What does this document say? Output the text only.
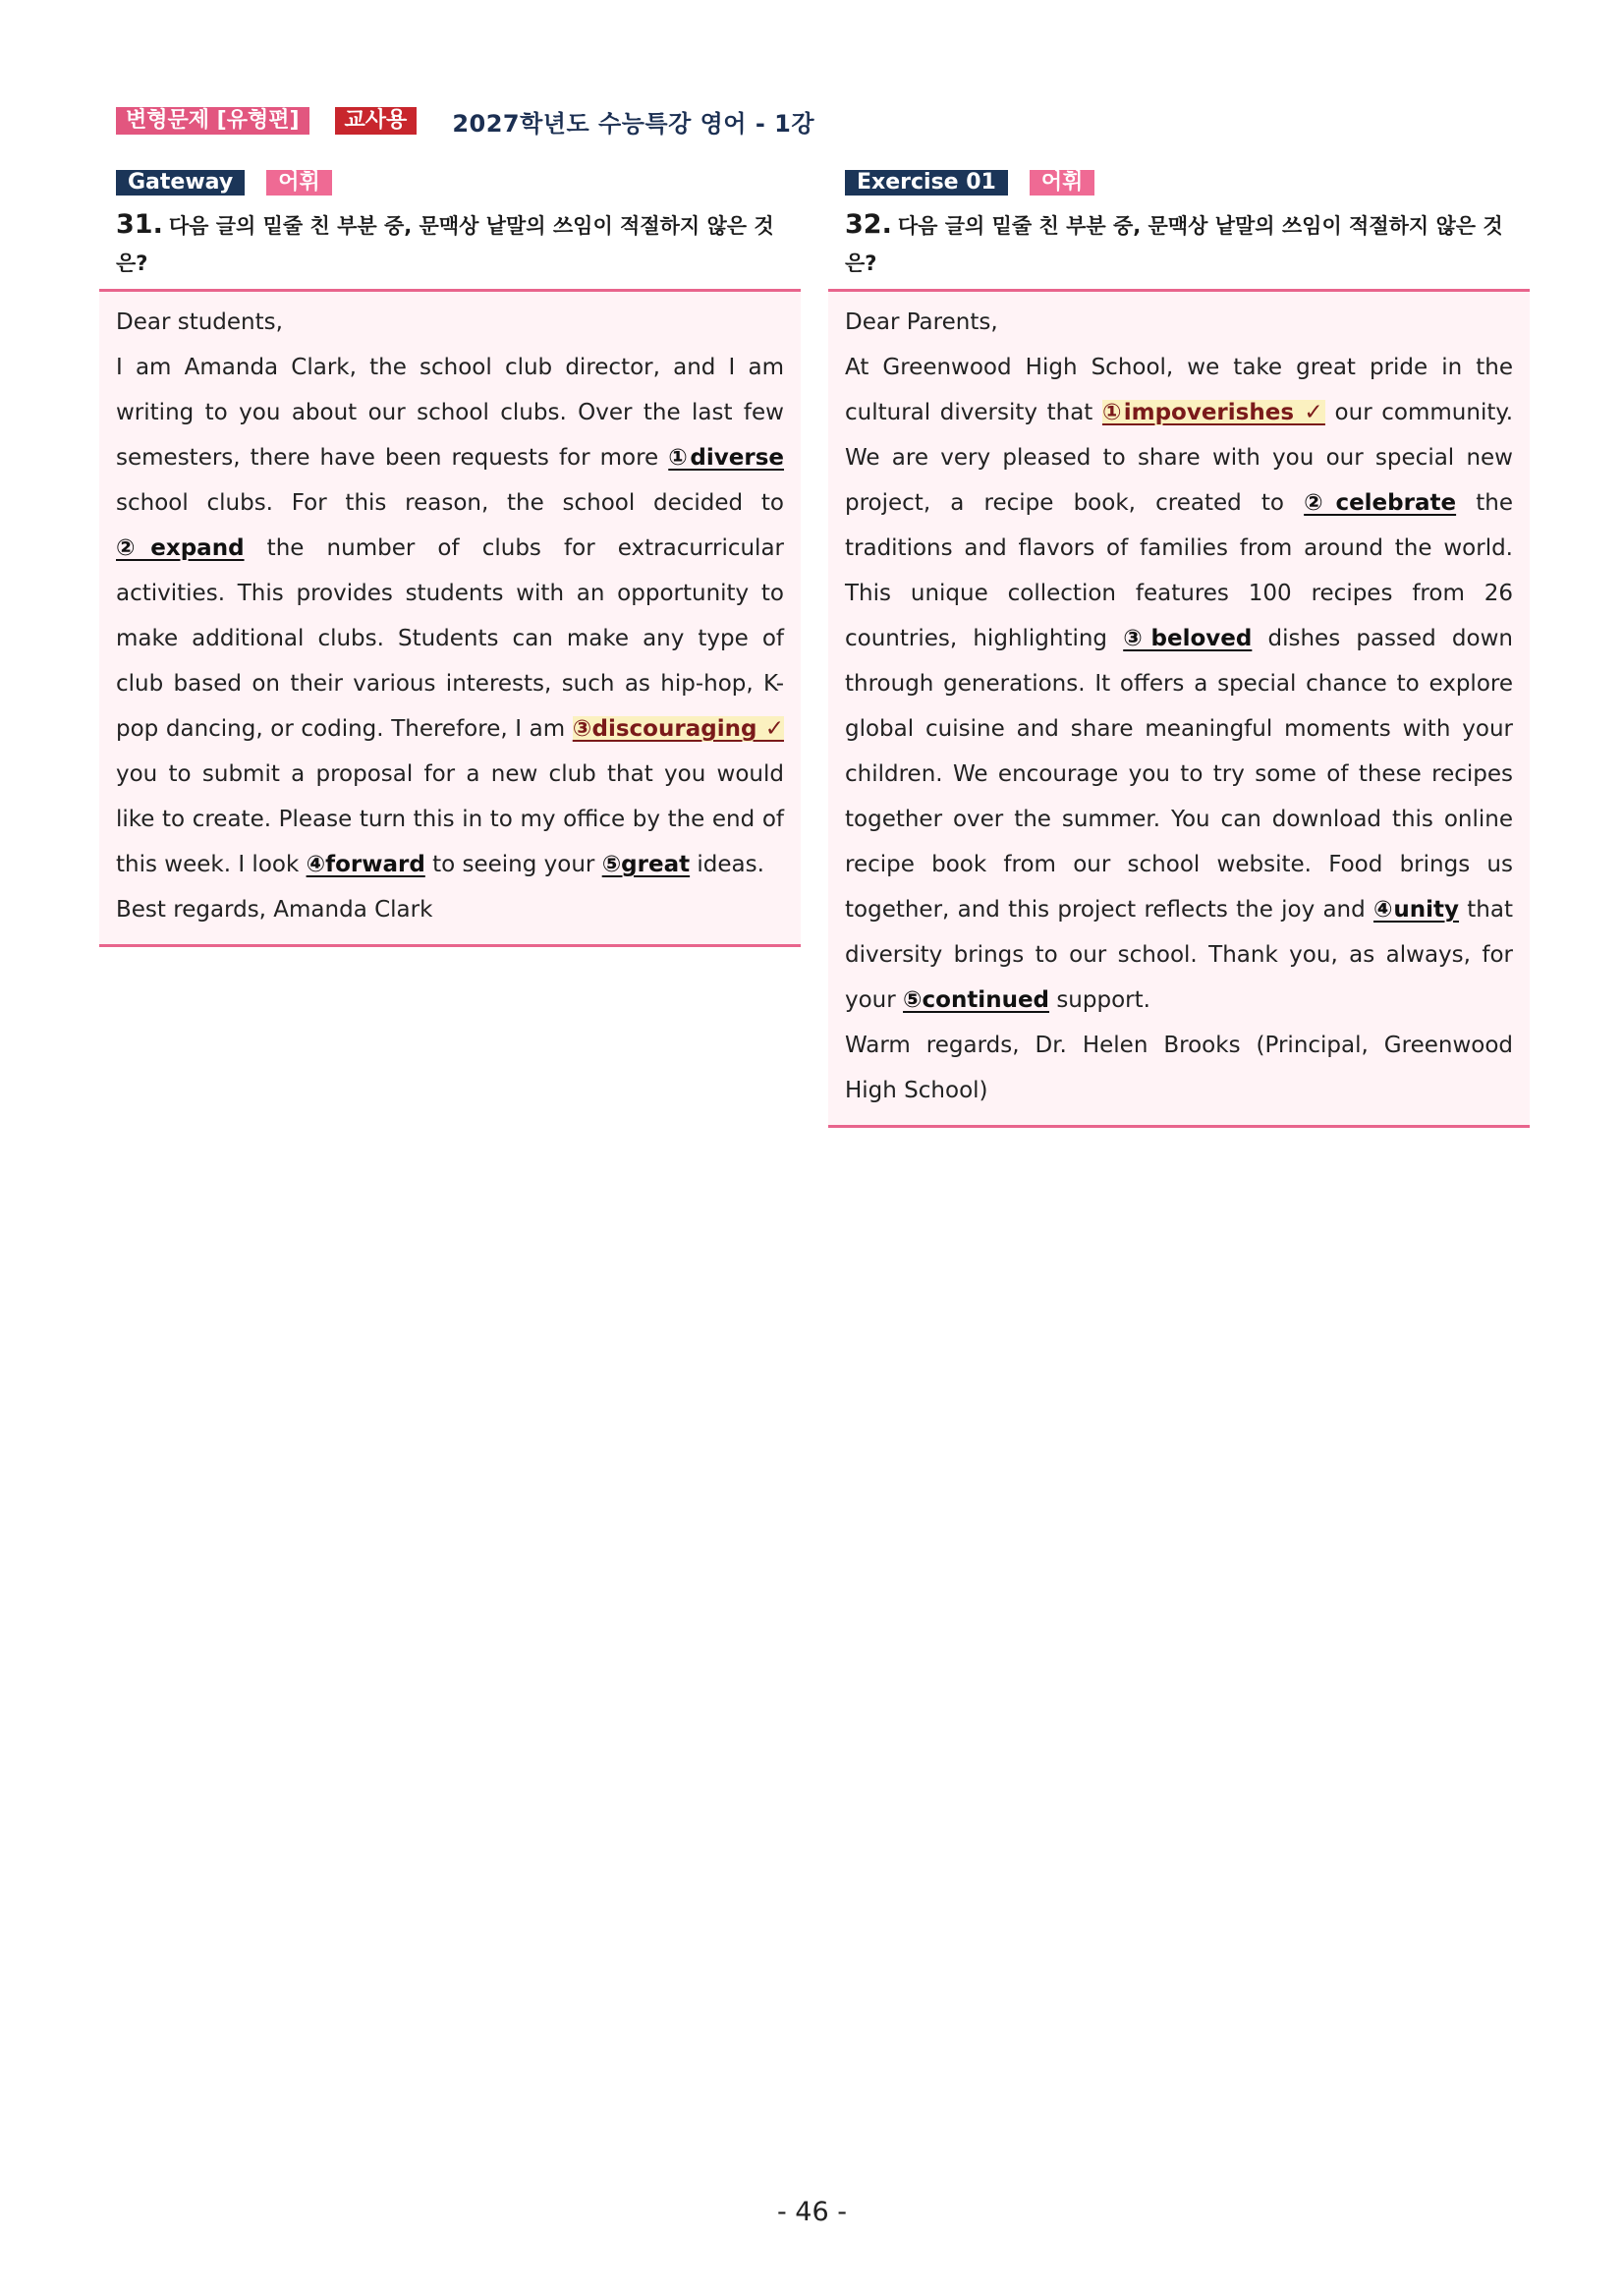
변형문제 [유형편]	교사용	2027학년도 수능특강 영어 - 1강
Gateway	어휘
31. 다음 글의 밑줄 친 부분 중, 문맥상 낱말의 쓰임이 적절하지 않은 것은?

Dear students,

I am Amanda Clark, the school club director, and I am writing to you about our school clubs. Over the last few semesters, there have been requests for more ①diverse school clubs. For this reason, the school decided to ②expand the number of clubs for extracurricular activities. This provides students with an opportunity to make additional clubs. Students can make any type of club based on their various interests, such as hip-hop, K-pop dancing, or coding. Therefore, I am ③discouraging ✓ you to submit a proposal for a new club that you would like to create. Please turn this in to my office by the end of this week. I look ④forward to seeing your ⑤great ideas.

Best regards, Amanda Clark

Exercise 01	어휘
32. 다음 글의 밑줄 친 부분 중, 문맥상 낱말의 쓰임이 적절하지 않은 것은?

Dear Parents,

At Greenwood High School, we take great pride in the cultural diversity that ①impoverishes ✓ our community. We are very pleased to share with you our special new project, a recipe book, created to ②celebrate the traditions and flavors of families from around the world. This unique collection features 100 recipes from 26 countries, highlighting ③beloved dishes passed down through generations. It offers a special chance to explore global cuisine and share meaningful moments with your children. We encourage you to try some of these recipes together over the summer. You can download this online recipe book from our school website. Food brings us together, and this project reflects the joy and ④unity that diversity brings to our school. Thank you, as always, for your ⑤continued support.

Warm regards, Dr. Helen Brooks (Principal, Greenwood High School)

- 46 -
